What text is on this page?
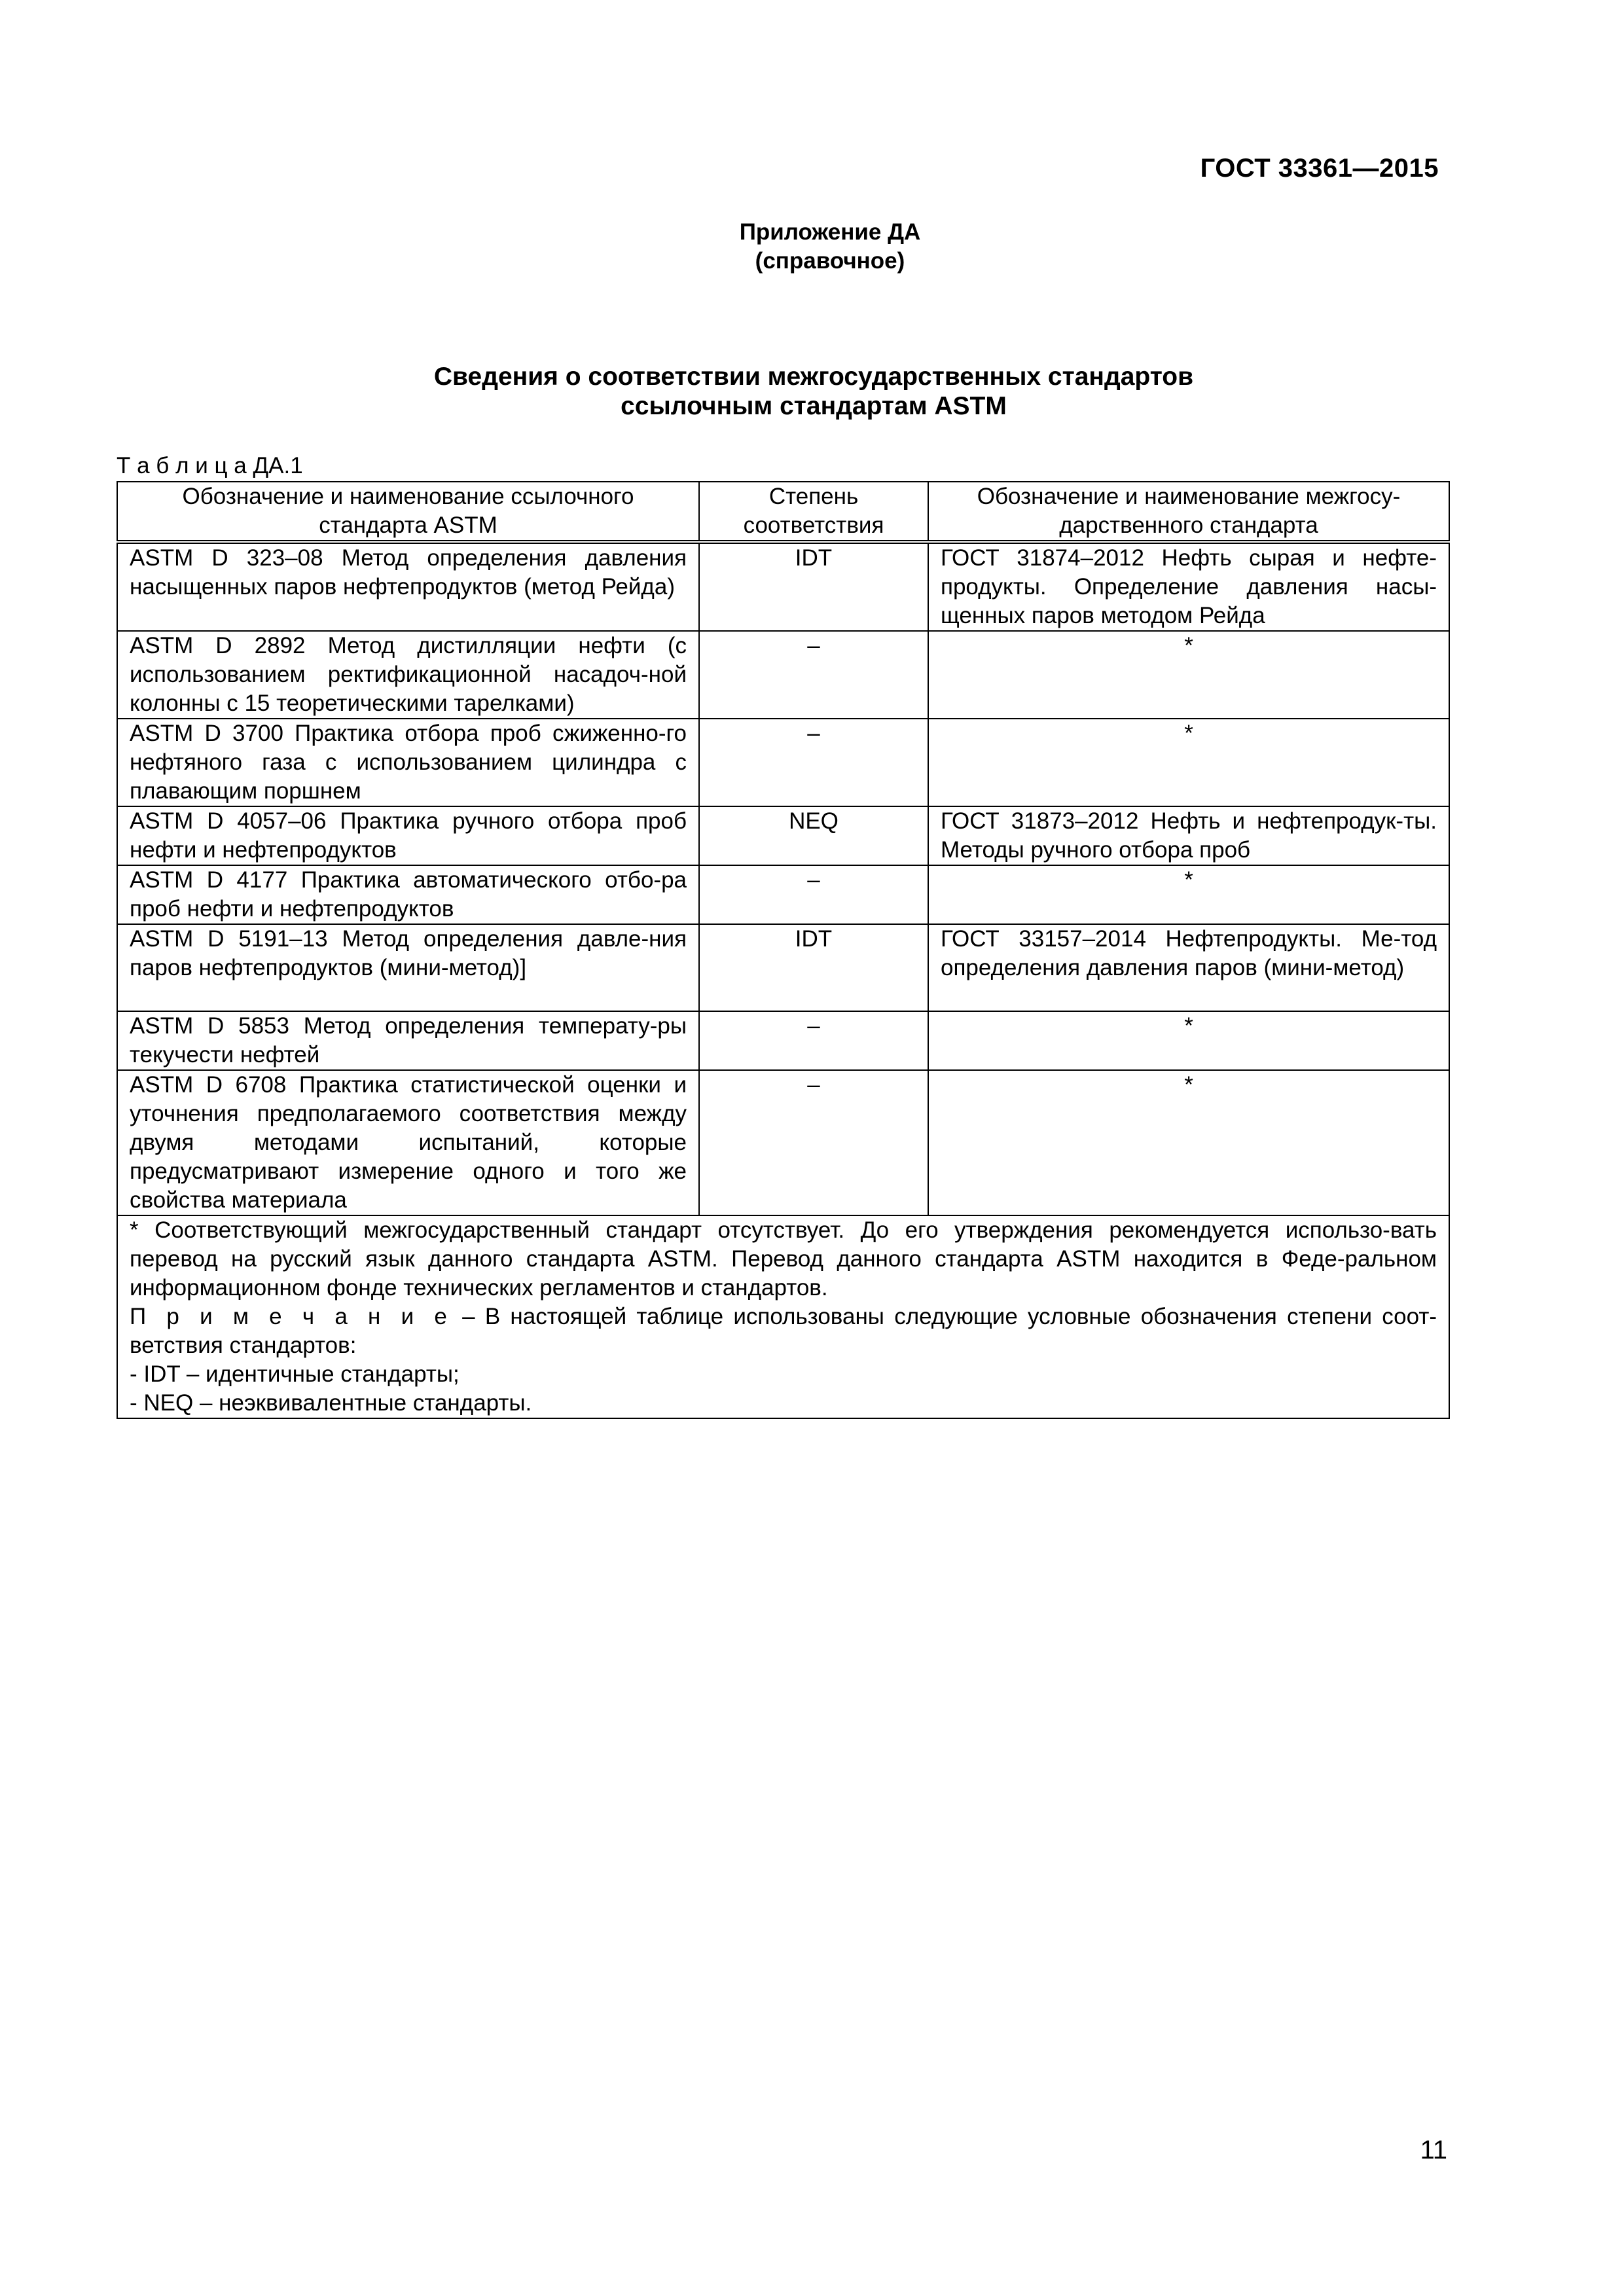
ГОСТ 33361—2015
Приложение ДА
(справочное)
Сведения о соответствии межгосударственных стандартов
ссылочным стандартам ASTM
Т а б л и ц а ДА.1
Обозначение и наименование ссылочного стандарта ASTM	Степень соответствия	Обозначение и наименование межгосу-дарственного стандарта
ASTM D 323–08 Метод определения давления насыщенных паров нефтепродуктов (метод Рейда)	IDT	ГОСТ 31874–2012 Нефть сырая и нефте-продукты. Определение давления насы-щенных паров методом Рейда
ASTM D 2892 Метод дистилляции нефти (с использованием ректификационной насадоч-ной колонны с 15 теоретическими тарелками)	–	*
ASTM D 3700 Практика отбора проб сжиженно-го нефтяного газа с использованием цилиндра с плавающим поршнем	–	*
ASTM D 4057–06 Практика ручного отбора проб нефти и нефтепродуктов	NEQ	ГОСТ 31873–2012 Нефть и нефтепродук-ты. Методы ручного отбора проб
ASTM D 4177 Практика автоматического отбо-ра проб нефти и нефтепродуктов	–	*
ASTM D 5191–13 Метод определения давле-ния паров нефтепродуктов (мини-метод)]	IDT	ГОСТ 33157–2014 Нефтепродукты. Ме-тод определения давления паров (мини-метод)
ASTM D 5853 Метод определения температу-ры текучести нефтей	–	*
ASTM D 6708 Практика статистической оценки и уточнения предполагаемого соответствия между двумя методами испытаний, которые предусматривают измерение одного и того же свойства материала	–	*

* Соответствующий межгосударственный стандарт отсутствует. До его утверждения рекомендуется использо-вать перевод на русский язык данного стандарта ASTM. Перевод данного стандарта ASTM находится в Феде-ральном информационном фонде технических регламентов и стандартов.

П р и м е ч а н и е – В настоящей таблице использованы следующие условные обозначения степени соот-ветствия стандартов:

- IDT – идентичные стандарты;

- NEQ – неэквивалентные стандарты.		

11
